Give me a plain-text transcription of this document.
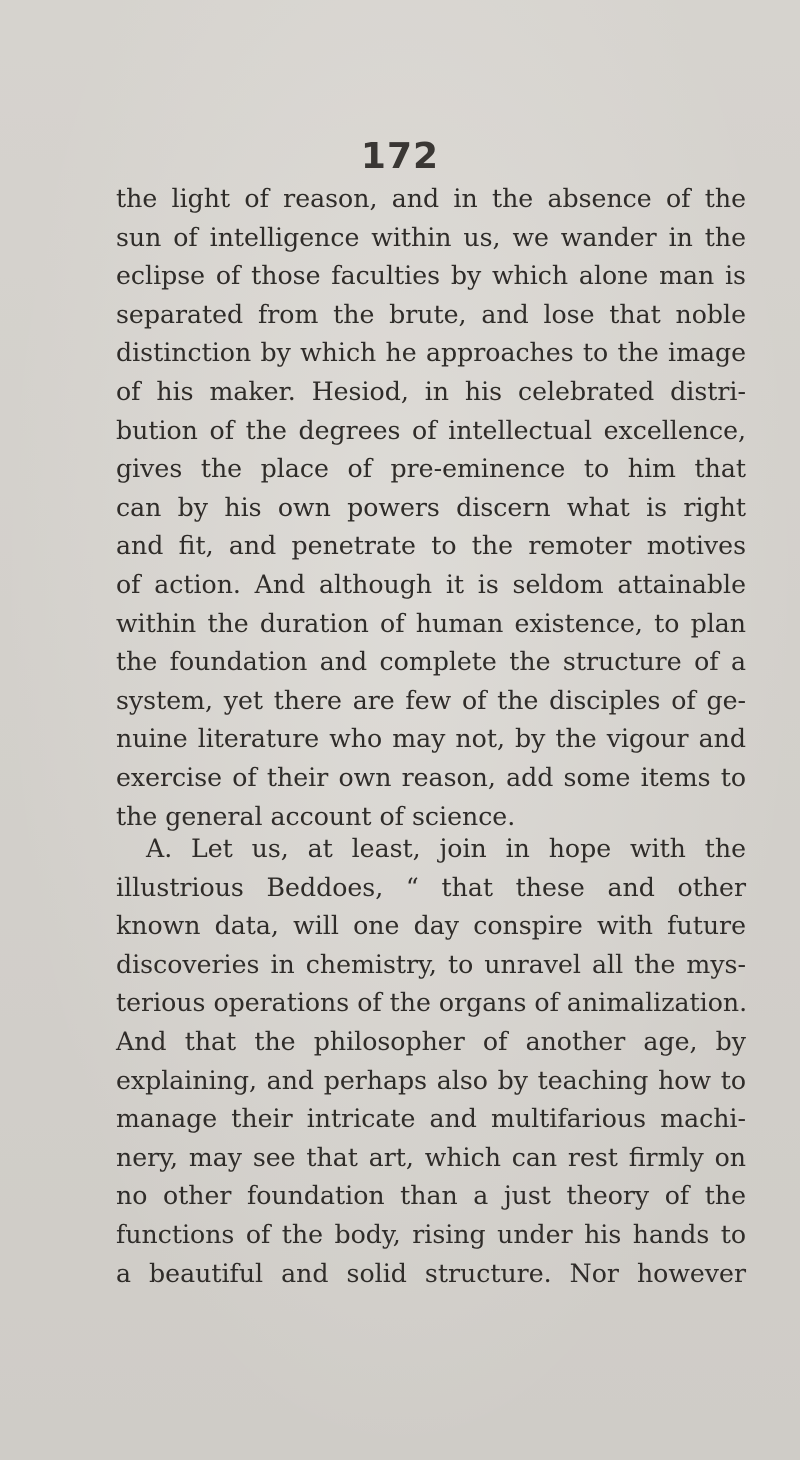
172
the light of reason, and in the absence of the
sun of intelligence within us, we wander in the
eclipse of those faculties by which alone man is
separated from the brute, and lose that noble
distinction by which he approaches to the image
of his maker. Hesiod, in his celebrated distri-
bution of the degrees of intellectual excellence,
gives the place of pre-eminence to him that
can by his own powers discern what is right
and fit, and penetrate to the remoter motives
of action. And although it is seldom attainable
within the duration of human existence, to plan
the foundation and complete the structure of a
system, yet there are few of the disciples of ge-
nuine literature who may not, by the vigour and
exercise of their own reason, add some items to
the general account of science.
A. Let us, at least, join in hope with the
illustrious Beddoes, “ that these and other
known data, will one day conspire with future
discoveries in chemistry, to unravel all the mys-
terious operations of the organs of animalization.
And that the philosopher of another age, by
explaining, and perhaps also by teaching how to
manage their intricate and multifarious machi-
nery, may see that art, which can rest firmly on
no other foundation than a just theory of the
functions of the body, rising under his hands to
a beautiful and solid structure. Nor however
